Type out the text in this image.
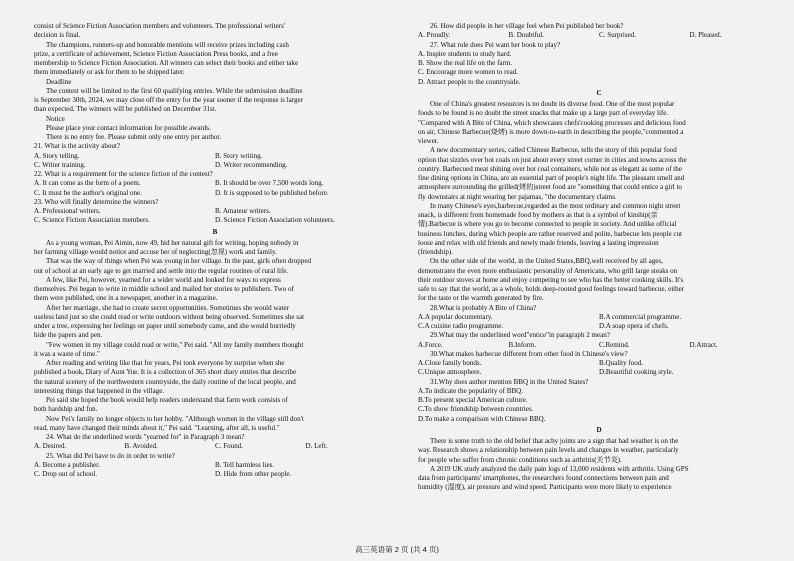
consist of Science Fiction Association members and volunteers. The professional writers'
decision is final.
The champions, runners-up and honorable mentions will receive prizes including cash
prize, a certificate of achievement, Science Fiction Association Press books, and a free
membership to Science Fiction Association. All winners can select their books and either take
them immediately or ask for them to be shipped later.
Deadline
The contest will be limited to the first 60 qualifying entries. While the submission deadline
is September 30th, 2024, we may close off the entry for the year sooner if the response is larger
than expected. The winners will be published on December 31st.
Notice
Please place your contact information for possible awards.
There is no entry fee. Please submit only one entry per author.
21. What is the activity about?
A. Story telling.	B. Story writing.
C. Writer training.	D. Writer recommending.
22. What is a requirement for the science fiction of the contest?
A. It can come as the form of a poem.	B. It should be over 7,500 words long.
C. It must be the author's original one.	D. It is supposed to be published before.
23. Who will finally determine the winners?
A. Professional writers.	B. Amateur writers.
C. Science Fiction Association members.	D. Science Fiction Association volunteers.
B
As a young woman, Pei Aimin, now 49, hid her natural gift for writing, hoping nobody in
her farming village would notice and accuse her of neglecting(忽视) work and family.
That was the way of things when Pei was young in her village. In the past, girls often dropped
out of school at an early age to get married and settle into the regular routines of rural life.
A few, like Pei, however, yearned for a wider world and looked for ways to express
themselves. Pei began to write in middle school and mailed her stories to publishers. Two of
them were published, one in a newspaper, another in a magazine.
After her marriage, she had to create secret opportunities. Sometimes she would water
useless land just so she could read or write outdoors without being observed. Sometimes she sat
under a tree, expressing her feelings on paper until somebody came, and she would hurriedly
hide the papers and pen.
"Few women in my village could read or write," Pei said. "All my family members thought
it was a waste of time."
After reading and writing like that for years, Pei took everyone by surprise when she
published a book, Diary of Aunt Yue. It is a collection of 365 short diary entries that describe
the natural scenery of the northwestern countryside, the daily routine of the local people, and
interesting things that happened in the village.
Pei said she hoped the book would help readers understand that farm work consists of
both hardship and fun.
Now Pei's family no longer objects to her hobby. "Although women in the village still don't
read, many have changed their minds about it," Pei said. "Learning, after all, is useful."
24. What do the underlined words "yearned for" in Paragraph 3 mean?
A. Desired.	B. Avoided.	C. Found.	D. Left.
25. What did Pei have to do in order to write?
A. Become a publisher.	B. Tell harmless lies.
C. Drop out of school.	D. Hide from other people.
26. How did people in her village feel when Pei published her book?
A. Proudly.	B. Doubtful.	C. Surprised.	D. Pleased.
27. What role does Pei want her book to play?
A. Inspire students to study hard.
B. Show the real life on the farm.
C. Encourage more women to read.
D. Attract people to the countryside.
C
One of China's greatest resources is no doubt its diverse food. One of the most popular
foods to be found is no doubt the street snacks that make up a large part of everyday life.
"Compared with A Bite of China, which showcases chefs'cooking processes and delicious food
on air, Chinese Barbecue(烧烤) is more down-to-earth in describing the people,"commented a
viewer.
A new documentary series, called Chinese Barbecue, tells the story of this popular food
option that sizzles over hot coals on just about every street corner in cities and towns across the
country. Barbecued meat shining over hot coal containers, while not as elegant as some of the
fine dining options in China, are an essential part of people's night life. The pleasant smell and
atmosphere surrounding the grilled(烤的)street food are "something that could entice a girl to
fly downstairs at night wearing her pajamas, "the documentary claims.
In many Chinese's eyes,barbecue,regarded as the most ordinary and common night street
snack, is different from homemade food by mothers as that is a symbol of kinship(亲
情).Barbecue is where you go to become connected to people in society. And unlike official
business lunches, during which people are rather reserved and polite, barbecue lets people cut
loose and relax with old friends and newly made friends, leaving a lasting impression
(friendship).
On the other side of the world, in the United States,BBQ,well received by all ages,
demonstrates the even more enthusiastic personality of Americans, who grill large steaks on
their outdoor stoves at home and enjoy competing to see who has the better cooking skills. It's
safe to say that the world, as a whole, holds deep-rooted good feelings toward barbecue, either
for the taste or the warmth generated by fire.
28.What is probably A Bite of China?
A.A popular documentary.	B.A commercial programme.
C.A cuisine radio programme.	D.A soap opera of chefs.
29.What may the underlined word"entice"in paragraph 2 mean?
A.Force.	B.Inform.	C.Remind.	D.Attract.
30.What makes barbecue different from other food in Chinese's view?
A.Close family bonds.	B.Quality food.
C.Unique atmosphere.	D.Beautiful cooking style.
31.Why does author mention BBQ in the United States?
A.To indicate the popularity of BBQ.
B.To present special American culture.
C.To show friendship between countries.
D.To make a comparison with Chinese BBQ.
D
There is some truth to the old belief that achy joints are a sign that bad weather is on the
way. Research shows a relationship between pain levels and changes in weather, particularly
for people who suffer from chronic conditions such as arthritis(关节炎).
A 2019 UK study analyzed the daily pain logs of 13,000 residents with arthritis. Using GPS
data from participants' smartphones, the researchers found connections between pain and
humidity (湿度), air pressure and wind speed. Participants were more likely to experience
高三英语第 2 页 (共 4 页)
